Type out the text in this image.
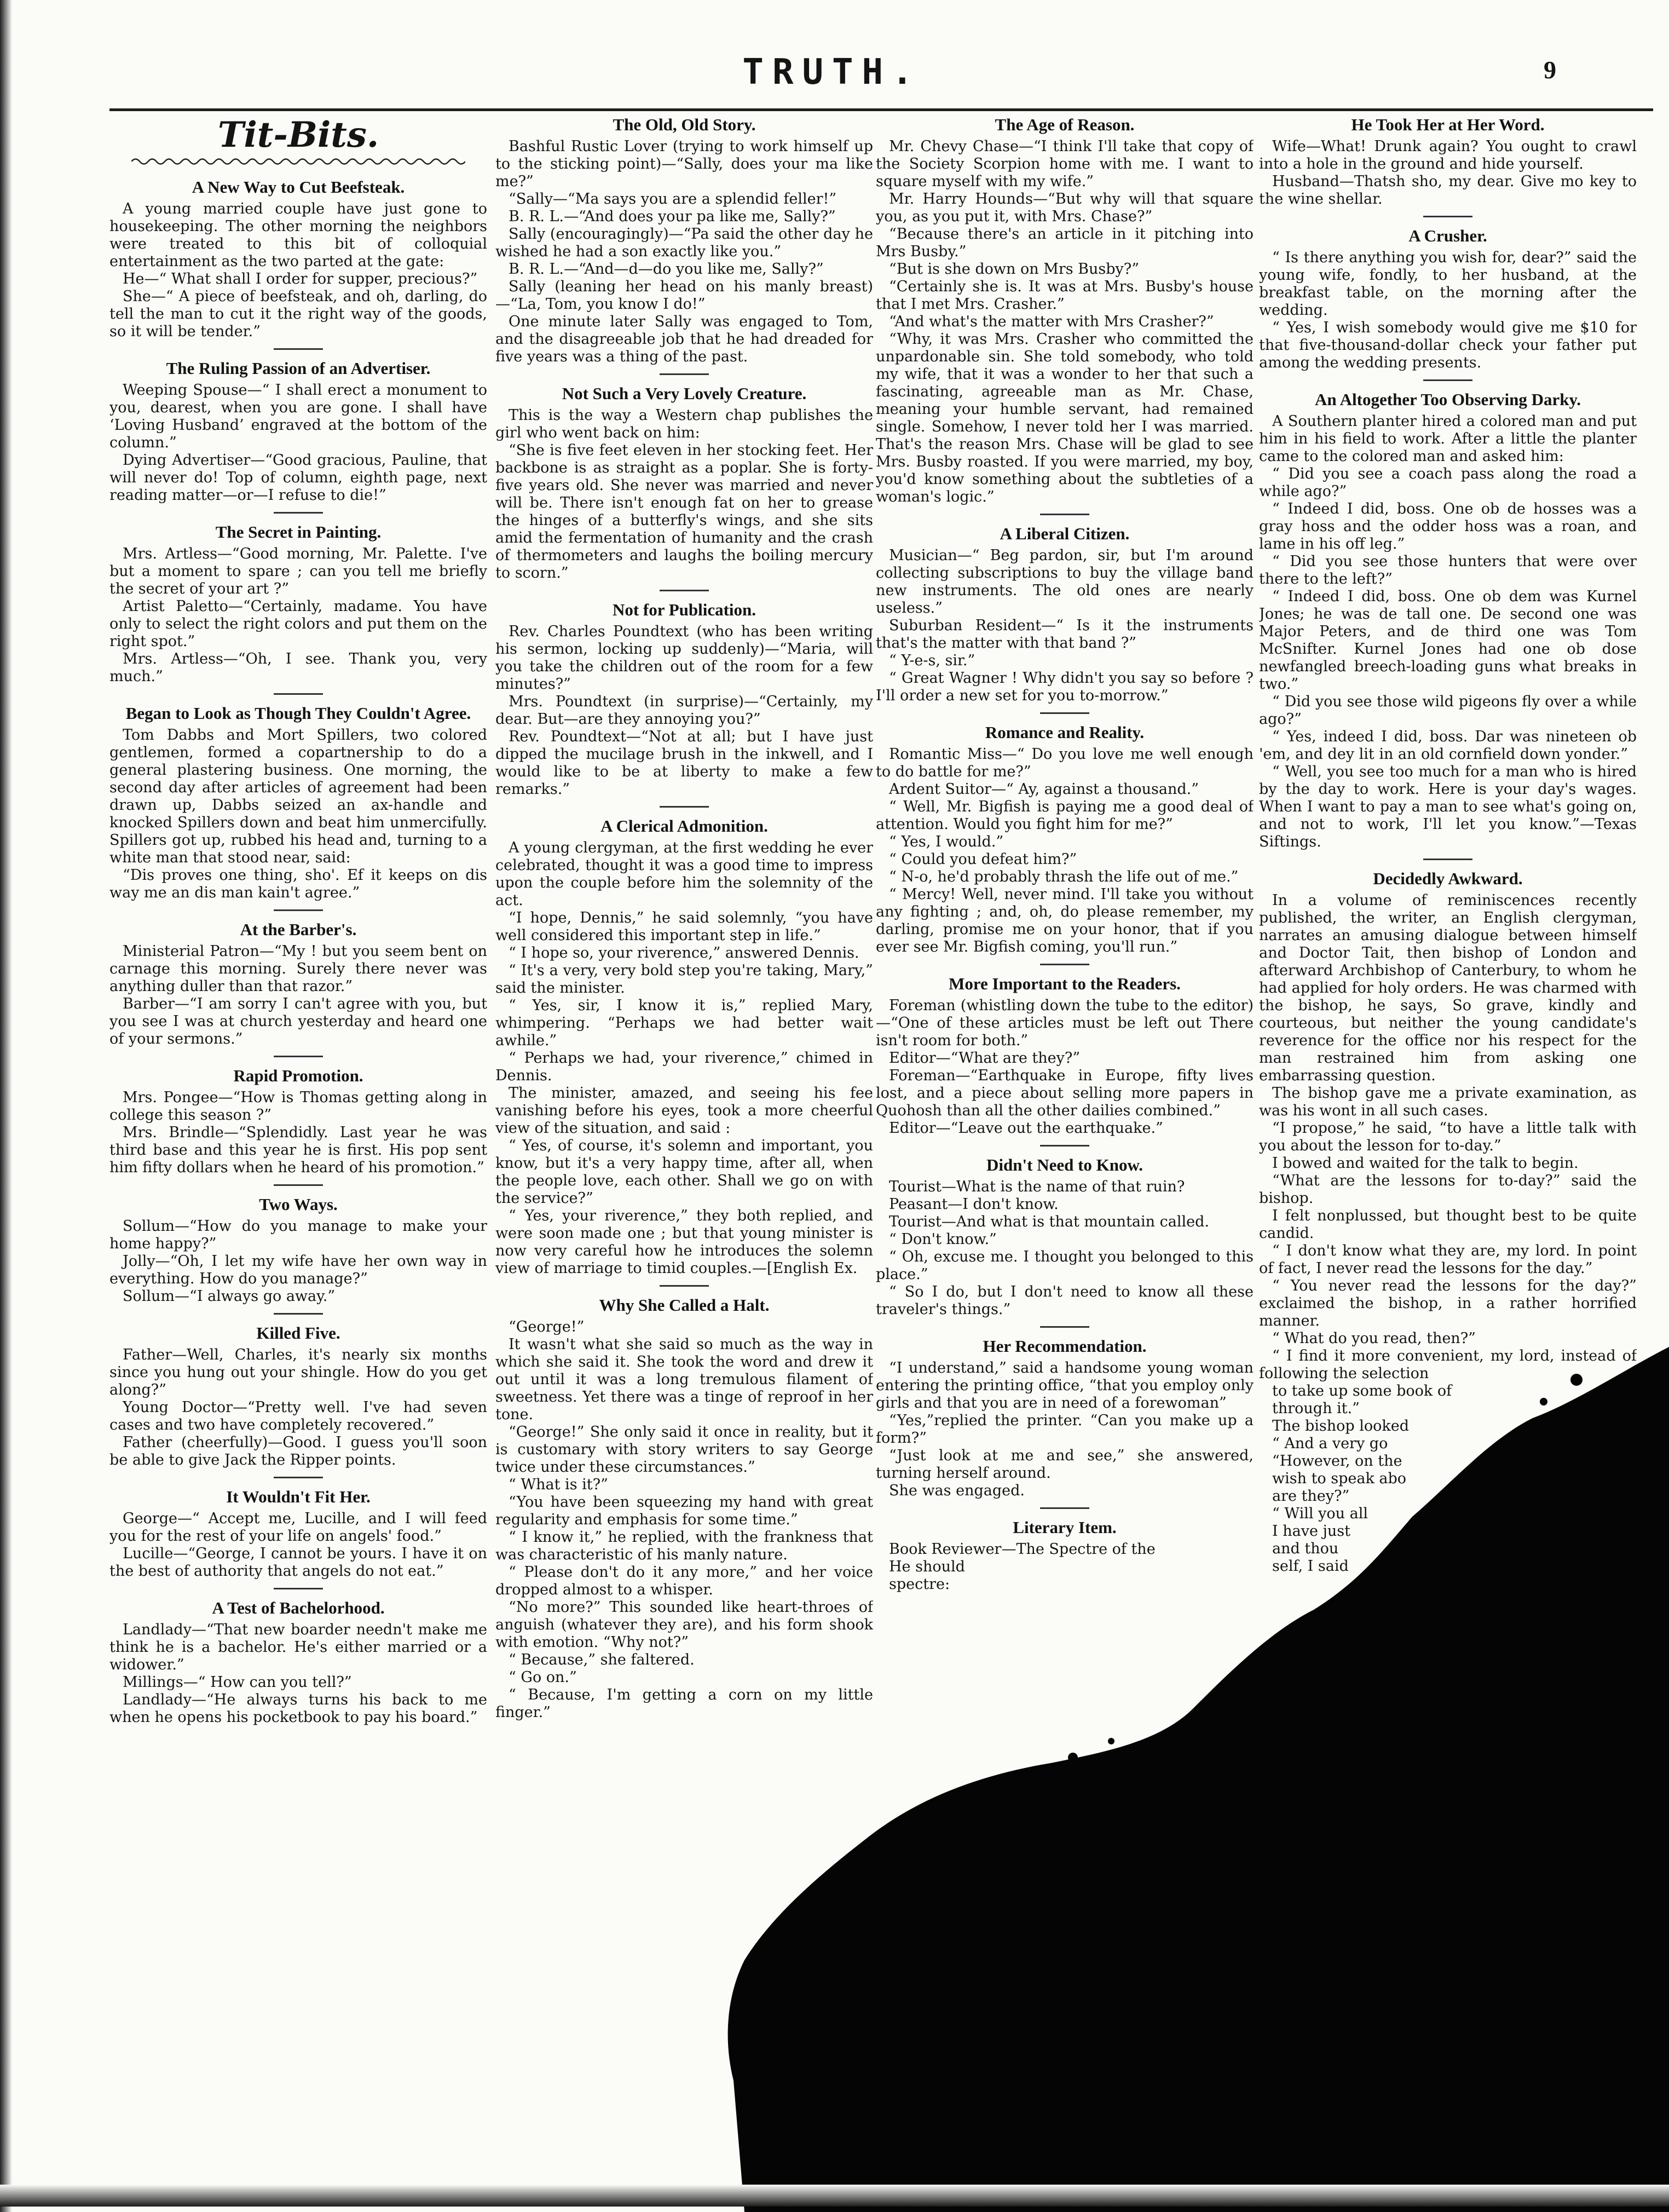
TRUTH.	9
Tit-Bits.
A New Way to Cut Beefsteak.

A young married couple have just gone to housekeeping. The other morning the neighbors were treated to this bit of colloquial entertainment as the two parted at the gate:

He—“ What shall I order for supper, precious?”

She—“ A piece of beefsteak, and oh, darling, do tell the man to cut it the right way of the goods, so it will be tender.”

The Ruling Passion of an Advertiser.

Weeping Spouse—“ I shall erect a monument to you, dearest, when you are gone. I shall have ‘Loving Husband’ engraved at the bottom of the column.”

Dying Advertiser—“Good gracious, Pauline, that will never do! Top of column, eighth page, next reading matter—or—I refuse to die!”

The Secret in Painting.

Mrs. Artless—“Good morning, Mr. Palette. I've but a moment to spare ; can you tell me briefly the secret of your art ?”

Artist Paletto—“Certainly, madame. You have only to select the right colors and put them on the right spot.”

Mrs. Artless—“Oh, I see. Thank you, very much.”

Began to Look as Though They Couldn't Agree.

Tom Dabbs and Mort Spillers, two colored gentlemen, formed a copartnership to do a general plastering business. One morning, the second day after articles of agreement had been drawn up, Dabbs seized an ax-handle and knocked Spillers down and beat him unmercifully. Spillers got up, rubbed his head and, turning to a white man that stood near, said:

“Dis proves one thing, sho'. Ef it keeps on dis way me an dis man kain't agree.”

At the Barber's.

Ministerial Patron—“My ! but you seem bent on carnage this morning. Surely there never was anything duller than that razor.”

Barber—“I am sorry I can't agree with you, but you see I was at church yesterday and heard one of your sermons.”

Rapid Promotion.

Mrs. Pongee—“How is Thomas getting along in college this season ?”

Mrs. Brindle—“Splendidly. Last year he was third base and this year he is first. His pop sent him fifty dollars when he heard of his promotion.”

Two Ways.

Sollum—“How do you manage to make your home happy?”

Jolly—“Oh, I let my wife have her own way in everything. How do you manage?”

Sollum—“I always go away.”

Killed Five.

Father—Well, Charles, it's nearly six months since you hung out your shingle. How do you get along?”

Young Doctor—“Pretty well. I've had seven cases and two have completely recovered.”

Father (cheerfully)—Good. I guess you'll soon be able to give Jack the Ripper points.

It Wouldn't Fit Her.

George—“ Accept me, Lucille, and I will feed you for the rest of your life on angels' food.”

Lucille—“George, I cannot be yours. I have it on the best of authority that angels do not eat.”

A Test of Bachelorhood.

Landlady—“That new boarder needn't make me think he is a bachelor. He's either married or a widower.”

Millings—“ How can you tell?”

Landlady—“He always turns his back to me when he opens his pocketbook to pay his board.”

The Old, Old Story.

Bashful Rustic Lover (trying to work himself up to the sticking point)—“Sally, does your ma like me?”

“Sally—“Ma says you are a splendid feller!”

B. R. L.—“And does your pa like me, Sally?”

Sally (encouragingly)—“Pa said the other day he wished he had a son exactly like you.”

B. R. L.—“And—d—do you like me, Sally?”

Sally (leaning her head on his manly breast)—“La, Tom, you know I do!”

One minute later Sally was engaged to Tom, and the disagreeable job that he had dreaded for five years was a thing of the past.

Not Such a Very Lovely Creature.

This is the way a Western chap publishes the girl who went back on him:

“She is five feet eleven in her stocking feet. Her backbone is as straight as a poplar. She is forty-five years old. She never was married and never will be. There isn't enough fat on her to grease the hinges of a butterfly's wings, and she sits amid the fermentation of humanity and the crash of thermometers and laughs the boiling mercury to scorn.”

Not for Publication.

Rev. Charles Poundtext (who has been writing his sermon, locking up suddenly)—“Maria, will you take the children out of the room for a few minutes?”

Mrs. Poundtext (in surprise)—“Certainly, my dear. But—are they annoying you?”

Rev. Poundtext—“Not at all; but I have just dipped the mucilage brush in the inkwell, and I would like to be at liberty to make a few remarks.”

A Clerical Admonition.

A young clergyman, at the first wedding he ever celebrated, thought it was a good time to impress upon the couple before him the solemnity of the act.

“I hope, Dennis,” he said solemnly, “you have well considered this important step in life.”

“ I hope so, your riverence,” answered Dennis.

“ It's a very, very bold step you're taking, Mary,” said the minister.

“ Yes, sir, I know it is,” replied Mary, whimpering. “Perhaps we had better wait awhile.”

“ Perhaps we had, your riverence,” chimed in Dennis.

The minister, amazed, and seeing his fee vanishing before his eyes, took a more cheerful view of the situation, and said :

“ Yes, of course, it's solemn and important, you know, but it's a very happy time, after all, when the people love, each other. Shall we go on with the service?”

“ Yes, your riverence,” they both replied, and were soon made one ; but that young minister is now very careful how he introduces the solemn view of marriage to timid couples.—[English Ex.

Why She Called a Halt.

“George!”

It wasn't what she said so much as the way in which she said it. She took the word and drew it out until it was a long tremulous filament of sweetness. Yet there was a tinge of reproof in her tone.

“George!” She only said it once in reality, but it is customary with story writers to say George twice under these circumstances.”

“ What is it?”

“You have been squeezing my hand with great regularity and emphasis for some time.”

“ I know it,” he replied, with the frankness that was characteristic of his manly nature.

“ Please don't do it any more,” and her voice dropped almost to a whisper.

“No more?” This sounded like heart-throes of anguish (whatever they are), and his form shook with emotion. “Why not?”

“ Because,” she faltered.

“ Go on.”

“ Because, I'm getting a corn on my little finger.”

The Age of Reason.

Mr. Chevy Chase—“I think I'll take that copy of the Society Scorpion home with me. I want to square myself with my wife.”

Mr. Harry Hounds—“But why will that square you, as you put it, with Mrs. Chase?”

“Because there's an article in it pitching into Mrs Busby.”

“But is she down on Mrs Busby?”

“Certainly she is. It was at Mrs. Busby's house that I met Mrs. Crasher.”

“And what's the matter with Mrs Crasher?”

“Why, it was Mrs. Crasher who committed the unpardonable sin. She told somebody, who told my wife, that it was a wonder to her that such a fascinating, agreeable man as Mr. Chase, meaning your humble servant, had remained single. Somehow, I never told her I was married. That's the reason Mrs. Chase will be glad to see Mrs. Busby roasted. If you were married, my boy, you'd know something about the subtleties of a woman's logic.”

A Liberal Citizen.

Musician—“ Beg pardon, sir, but I'm around collecting subscriptions to buy the village band new instruments. The old ones are nearly useless.”

Suburban Resident—“ Is it the instruments that's the matter with that band ?”

“ Y-e-s, sir.”

“ Great Wagner ! Why didn't you say so before ? I'll order a new set for you to-morrow.”

Romance and Reality.

Romantic Miss—“ Do you love me well enough to do battle for me?”

Ardent Suitor—“ Ay, against a thousand.”

“ Well, Mr. Bigfish is paying me a good deal of attention. Would you fight him for me?”

“ Yes, I would.”

“ Could you defeat him?”

“ N-o, he'd probably thrash the life out of me.”

“ Mercy! Well, never mind. I'll take you without any fighting ; and, oh, do please remember, my darling, promise me on your honor, that if you ever see Mr. Bigfish coming, you'll run.”

More Important to the Readers.

Foreman (whistling down the tube to the editor)—“One of these articles must be left out There isn't room for both.”

Editor—“What are they?”

Foreman—“Earthquake in Europe, fifty lives lost, and a piece about selling more papers in Quohosh than all the other dailies combined.”

Editor—“Leave out the earthquake.”

Didn't Need to Know.

Tourist—What is the name of that ruin?

Peasant—I don't know.

Tourist—And what is that mountain called.

“ Don't know.”

“ Oh, excuse me. I thought you belonged to this place.”

“ So I do, but I don't need to know all these traveler's things.”

Her Recommendation.

“I understand,” said a handsome young woman entering the printing office, “that you employ only girls and that you are in need of a forewoman”

“Yes,”replied the printer. “Can you make up a form?”

“Just look at me and see,” she answered, turning herself around.

She was engaged.

Literary Item.

Book Reviewer—The Spectre of the

He should

spectre:

He Took Her at Her Word.

Wife—What! Drunk again? You ought to crawl into a hole in the ground and hide yourself.

Husband—Thatsh sho, my dear. Give mo key to the wine shellar.

A Crusher.

“ Is there anything you wish for, dear?” said the young wife, fondly, to her husband, at the breakfast table, on the morning after the wedding.

“ Yes, I wish somebody would give me $10 for that five-thousand-dollar check your father put among the wedding presents.

An Altogether Too Observing Darky.

A Southern planter hired a colored man and put him in his field to work. After a little the planter came to the colored man and asked him:

“ Did you see a coach pass along the road a while ago?”

“ Indeed I did, boss. One ob de hosses was a gray hoss and the odder hoss was a roan, and lame in his off leg.”

“ Did you see those hunters that were over there to the left?”

“ Indeed I did, boss. One ob dem was Kurnel Jones; he was de tall one. De second one was Major Peters, and de third one was Tom McSnifter. Kurnel Jones had one ob dose newfangled breech-loading guns what breaks in two.”

“ Did you see those wild pigeons fly over a while ago?”

“ Yes, indeed I did, boss. Dar was nineteen ob 'em, and dey lit in an old cornfield down yonder.”

“ Well, you see too much for a man who is hired by the day to work. Here is your day's wages. When I want to pay a man to see what's going on, and not to work, I'll let you know.”—Texas Siftings.

Decidedly Awkward.

In a volume of reminiscences recently published, the writer, an English clergyman, narrates an amusing dialogue between himself and Doctor Tait, then bishop of London and afterward Archbishop of Canterbury, to whom he had applied for holy orders. He was charmed with the bishop, he says, So grave, kindly and courteous, but neither the young candidate's reverence for the office nor his respect for the man restrained him from asking one embarrassing question.

The bishop gave me a private examination, as was his wont in all such cases.

“I propose,” he said, “to have a little talk with you about the lesson for to-day.”

I bowed and waited for the talk to begin.

“What are the lessons for to-day?” said the bishop.

I felt nonplussed, but thought best to be quite candid.

“ I don't know what they are, my lord. In point of fact, I never read the lessons for the day.”

“ You never read the lessons for the day?” exclaimed the bishop, in a rather horrified manner.

“ What do you read, then?”

“ I find it more convenient, my lord, instead of following the selection

to take up some book of

through it.”

The bishop looked

“ And a very go

“However, on the

wish to speak abo

are they?”

“ Will you all

I have just

and thou

self, I said
